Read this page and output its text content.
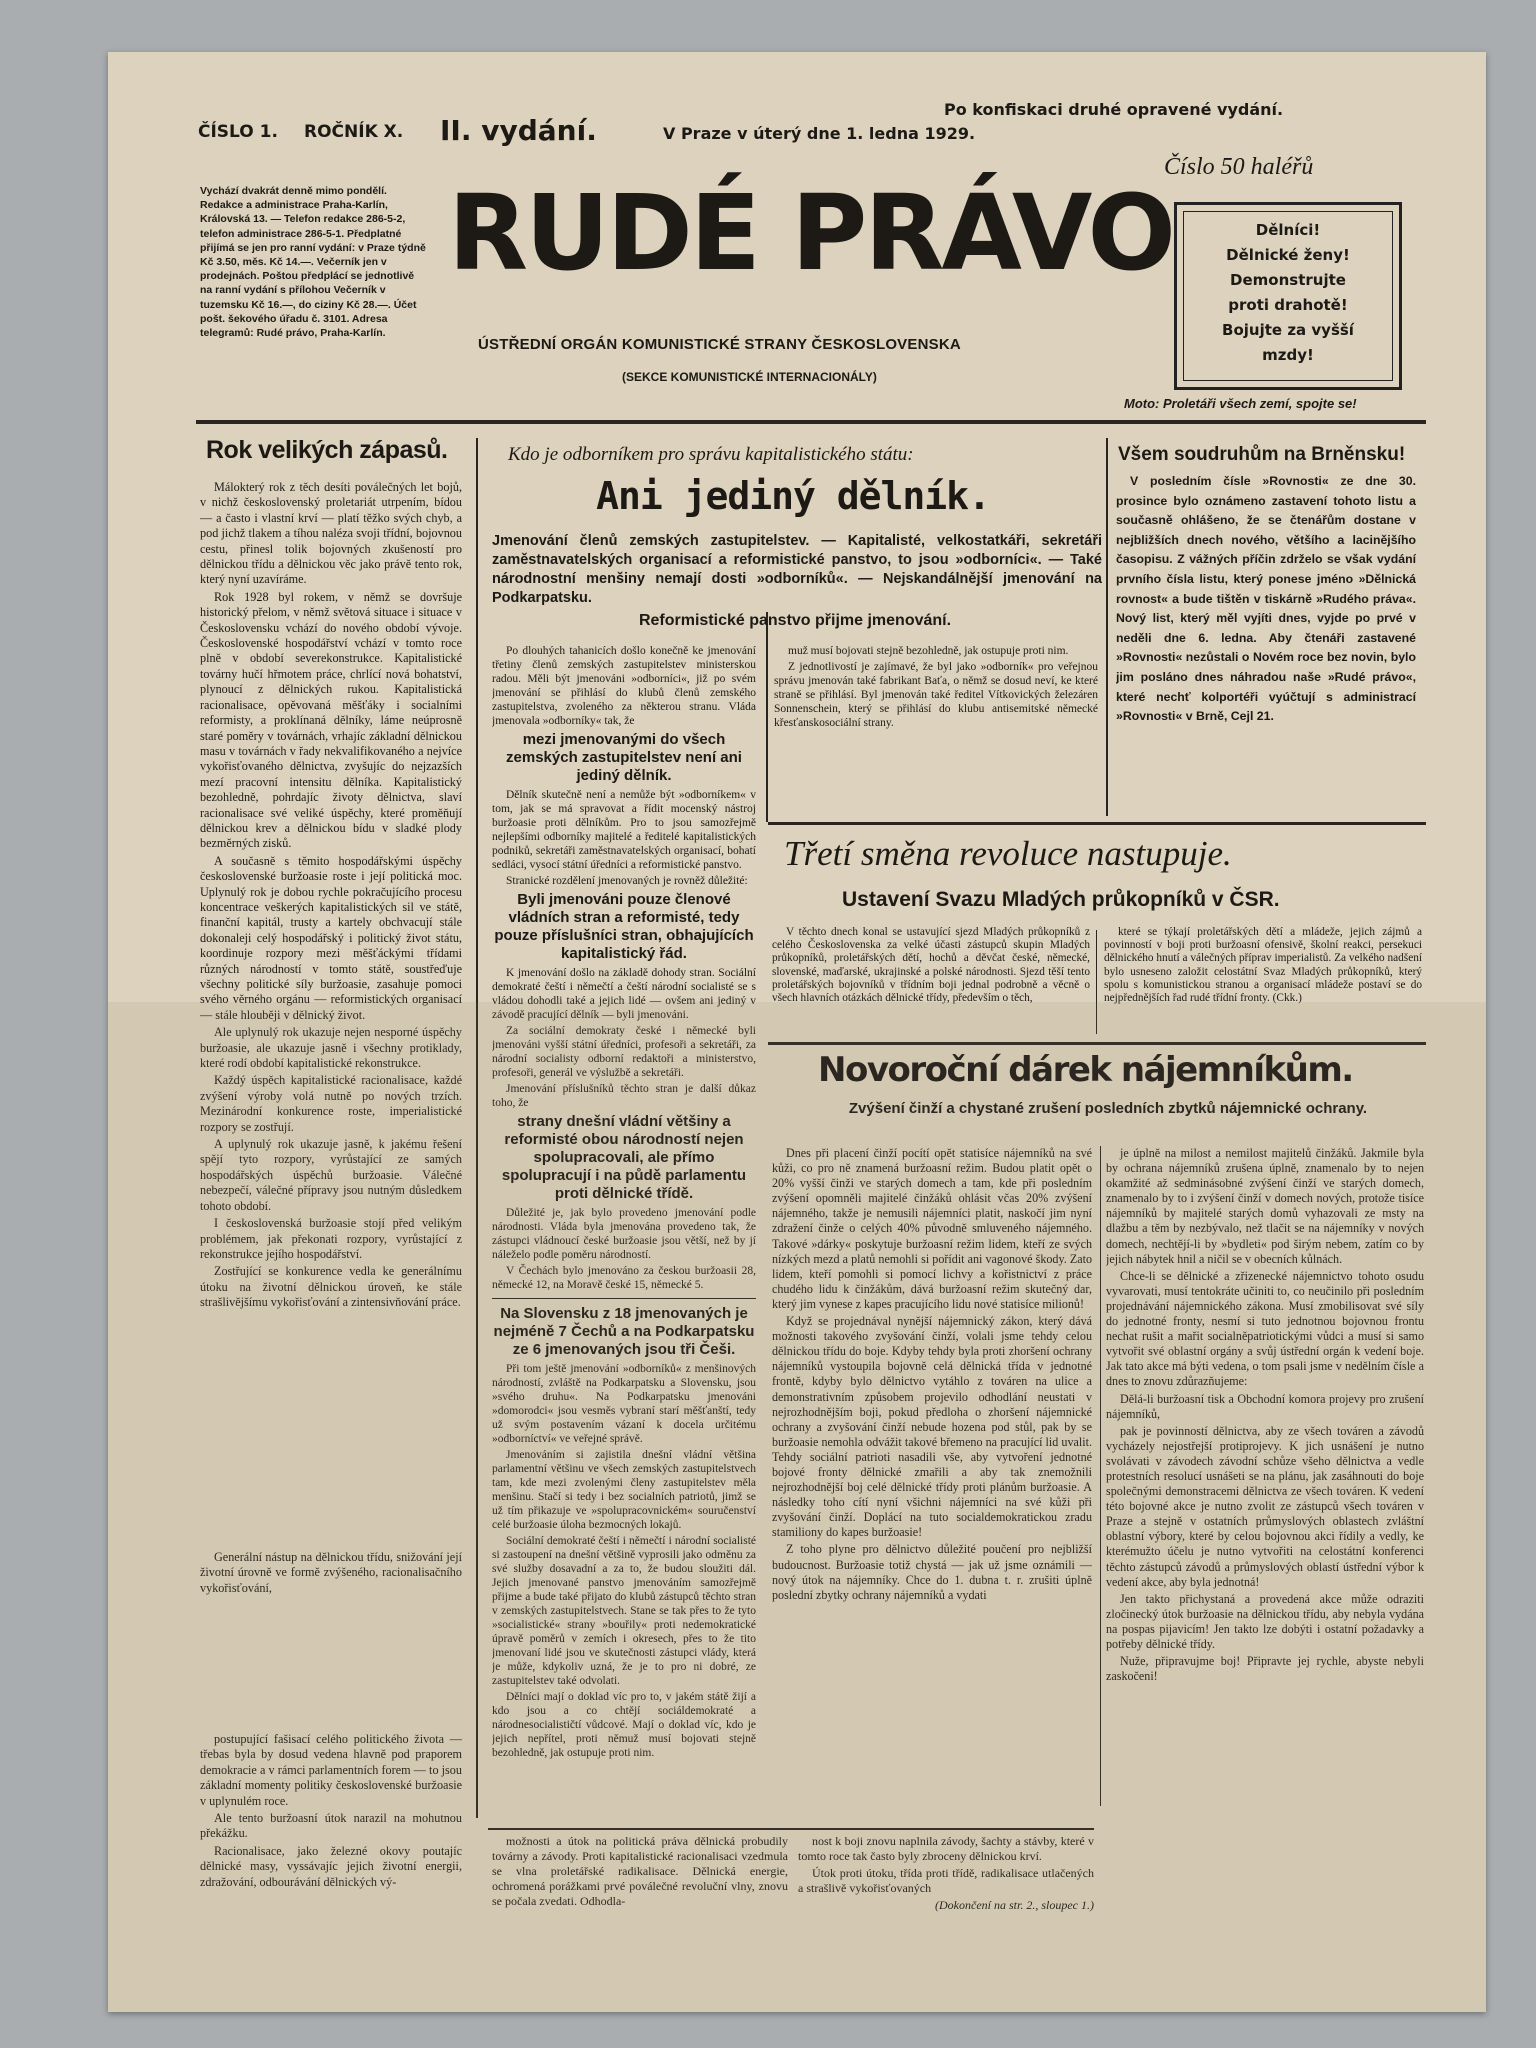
ČÍSLO 1. ROČNÍK X. II. vydání.	V Praze v úterý dne 1. ledna 1929.
Po konfiskaci druhé opravené vydání.
Číslo 50 haléřů
Vychází dvakrát denně mimo pondělí. Redakce a administrace Praha-Karlín, Královská 13. — Telefon redakce 286-5-2, telefon administrace 286-5-1. Předplatné přijímá se jen pro ranní vydání: v Praze týdně Kč 3.50, měs. Kč 14.—. Večerník jen v prodejnách. Poštou předplácí se jednotlivě na ranní vydání s přílohou Večerník v tuzemsku Kč 16.—, do ciziny Kč 28.—. Účet pošt. šekového úřadu č. 3101. Adresa telegramů: Rudé právo, Praha-Karlín.
RUDÉ PRÁVO
ÚSTŘEDNÍ ORGÁN KOMUNISTICKÉ STRANY ČESKOSLOVENSKA
(SEKCE KOMUNISTICKÉ INTERNACIONÁLY)
Dělníci!
Dělnické ženy!
Demonstrujte
proti drahotě!
Bojujte za vyšší
mzdy!
Moto: Proletáři všech zemí, spojte se!
Rok velikých zápasů.

Málokterý rok z těch desíti poválečných let bojů, v nichž československý proletariát utrpením, bídou — a často i vlastní krví — platí těžko svých chyb, a pod jichž tlakem a tíhou naléza svoji třídní, bojovnou cestu, přinesl tolik bojovných zkušeností pro dělnickou třídu a dělnickou věc jako právě tento rok, který nyní uzavíráme.

Rok 1928 byl rokem, v němž se dovršuje historický přelom, v němž světová situace i situace v Československu vchází do nového období vývoje. Československé hospodářství vchází v tomto roce plně v období severekonstrukce. Kapitalistické továrny hučí hřmotem práce, chrlící nová bohatství, plynoucí z dělnických rukou. Kapitalistická racionalisace, opěvovaná měšťáky i socialními reformisty, a proklínaná dělníky, láme neúprosně staré poměry v továrnách, vrhajíc základní dělnickou masu v továrnách v řady nekvalifikovaného a nejvíce vykořisťovaného dělnictva, zvyšujíc do nejzazších mezí pracovní intensitu dělníka. Kapitalistický bezohledně, pohrdajíc životy dělnictva, slaví racionalisace své veliké úspěchy, které proměňují dělnickou krev a dělnickou bídu v sladké plody bezměrných zisků.

A současně s těmito hospodářskými úspěchy československé buržoasie roste i její politická moc. Uplynulý rok je dobou rychle pokračujícího procesu koncentrace veškerých kapitalistických sil ve státě, finanční kapitál, trusty a kartely obchvacují stále dokonaleji celý hospodářský i politický život státu, koordinuje rozpory mezi měšťáckými třídami různých národností v tomto státě, soustřeďuje všechny politické síly buržoasie, zasahuje pomoci svého věrného orgánu — reformistických organisací — stále hlouběji v dělnický život.

Ale uplynulý rok ukazuje nejen nesporné úspěchy buržoasie, ale ukazuje jasně i všechny protiklady, které rodí období kapitalistické rekonstrukce.

Každý úspěch kapitalistické racionalisace, každé zvýšení výroby volá nutně po nových trzích. Mezinárodní konkurence roste, imperialistické rozpory se zostřují.

A uplynulý rok ukazuje jasně, k jakému řešení spějí tyto rozpory, vyrůstající ze samých hospodářských úspěchů buržoasie. Válečné nebezpečí, válečné přípravy jsou nutným důsledkem tohoto období.

I československá buržoasie stojí před velikým problémem, jak překonati rozpory, vyrůstající z rekonstrukce jejího hospodářství.

Zostřující se konkurence vedla ke generálnímu útoku na životní dělnickou úroveň, ke stále strašlivějšímu vykořisťování a zintensivňování práce.

Generální nástup na dělnickou třídu, snižování její životní úrovně ve formě zvýšeného, racionalisačního vykořisťování,

postupující fašisací celého politického života — třebas byla by dosud vedena hlavně pod praporem demokracie a v rámci parlamentních forem — to jsou základní momenty politiky československé buržoasie v uplynulém roce.

Ale tento buržoasní útok narazil na mohutnou překážku.

Racionalisace, jako železné okovy poutajíc dělnické masy, vyssávajíc jejich životní energii, zdražování, odbourávání dělnických vý-

Kdo je odborníkem pro správu kapitalistického státu:
Ani jediný dělník.
Jmenování členů zemských zastupitelstev. — Kapitalisté, velkostatkáři, sekretáři zaměstnavatelských organisací a reformistické panstvo, to jsou »odborníci«. — Také národnostní menšiny nemají dosti »odborníků«. — Nejskandálnější jmenování na Podkarpatsku.
Reformistické panstvo přijme jmenování.

Po dlouhých tahanicích došlo konečně ke jmenování třetiny členů zemských zastupitelstev ministerskou radou. Měli být jmenováni »odborníci«, již po svém jmenování se přihlásí do klubů členů zemského zastupitelstva, zvoleného za některou stranu. Vláda jmenovala »odborníky« tak, že

mezi jmenovanými do všech zemských zastupitelstev není ani jediný dělník.

Dělník skutečně není a nemůže být »odborníkem« v tom, jak se má spravovat a řídit mocenský nástroj buržoasie proti dělníkům. Pro to jsou samozřejmě nejlepšími odborníky majitelé a ředitelé kapitalistických podniků, sekretáři zaměstnavatelských organisací, bohatí sedláci, vysocí státní úředníci a reformistické panstvo.

Stranické rozdělení jmenovaných je rovněž důležité:

Byli jmenováni pouze členové vládních stran a reformisté, tedy pouze příslušníci stran, obhajujících kapitalistický řád.

K jmenování došlo na základě dohody stran. Sociální demokraté čeští i němečtí a čeští národní socialisté se s vládou dohodli také a jejich lidé — ovšem ani jediný v závodě pracující dělník — byli jmenováni.

Za sociální demokraty české i německé byli jmenováni vyšší státní úředníci, profesoři a sekretáři, za národní socialisty odborní redaktoři a ministerstvo, profesoři, generál ve výslužbě a sekretáři.

Jmenování příslušníků těchto stran je další důkaz toho, že

strany dnešní vládní většiny a reformisté obou národností nejen spolupracovali, ale přímo spolupracují i na půdě parlamentu proti dělnické třídě.

Důležité je, jak bylo provedeno jmenování podle národnosti. Vláda byla jmenována provedeno tak, že zástupci vládnoucí české buržoasie jsou větší, než by jí náleželo podle poměru národností.

V Čechách bylo jmenováno za českou buržoasii 28, německé 12, na Moravě české 15, německé 5.

Na Slovensku z 18 jmenovaných je nejméně 7 Čechů a na Podkarpatsku ze 6 jmenovaných jsou tři Češi.

Při tom ještě jmenování »odborníků« z menšinových národností, zvláště na Podkarpatsku a Slovensku, jsou »svého druhu«. Na Podkarpatsku jmenováni »domorodci« jsou vesměs vybraní starí měšťanští, tedy už svým postavením vázaní k docela určitému »odborníctví« ve veřejné správě.

Jmenováním si zajistila dnešní vládní většina parlamentní většinu ve všech zemských zastupitelstvech tam, kde mezi zvolenými členy zastupitelstev měla menšinu. Stačí si tedy i bez socialních patriotů, jimž se už tím přikazuje ve »spolupracovnickém« souručenství celé buržoasie úloha bezmocných lokajů.

Sociální demokraté čeští i němečtí i národní socialisté si zastoupení na dnešní většině vyprosili jako odměnu za své služby dosavadní a za to, že budou sloužiti dál. Jejich jmenované panstvo jmenováním samozřejmě přijme a bude také přijato do klubů zástupců těchto stran v zemských zastupitelstvech. Stane se tak přes to že tyto »socialistické« strany »bouřily« proti nedemokratické úpravě poměrů v zemích i okresech, přes to že tito jmenovaní lidé jsou ve skutečnosti zástupci vlády, která je může, kdykoliv uzná, že je to pro ni dobré, ze zastupitelstev také odvolati.

Dělníci mají o doklad víc pro to, v jakém státě žijí a kdo jsou a co chtějí sociáldemokraté a národnesocialističtí vůdcové. Mají o doklad víc, kdo je jejich nepřítel, proti němuž musí bojovati stejně bezohledně, jak ostupuje proti nim.

muž musí bojovati stejně bezohledně, jak ostupuje proti nim.

Z jednotlivostí je zajímavé, že byl jako »odborník« pro veřejnou správu jmenován také fabrikant Baťa, o němž se dosud neví, ke které straně se přihlásí. Byl jmenován také ředitel Vítkovických železáren Sonnenschein, který se přihlásí do klubu antisemitské německé křesťanskosociální strany.

Všem soudruhům na Brněnsku!

V posledním čísle »Rovnosti« ze dne 30. prosince bylo oznámeno zastavení tohoto listu a současně ohlášeno, že se čtenářům dostane v nejbližších dnech nového, většího a lacinějšího časopisu. Z vážných příčin zdrželo se však vydání prvního čísla listu, který ponese jméno »Dělnická rovnost« a bude tištěn v tiskárně »Rudého práva«. Nový list, který měl vyjíti dnes, vyjde po prvé v neděli dne 6. ledna. Aby čtenáři zastavené »Rovnosti« nezůstali o Novém roce bez novin, bylo jim posláno dnes náhradou naše »Rudé právo«, které nechť kolportéři vyúčtují s administrací »Rovnosti« v Brně, Cejl 21.

Třetí směna revoluce nastupuje.
Ustavení Svazu Mladých průkopníků v ČSR.

V těchto dnech konal se ustavující sjezd Mladých průkopníků z celého Československa za velké účasti zástupců skupin Mladých průkopníků, proletářských dětí, hochů a děvčat české, německé, slovenské, maďarské, ukrajinské a polské národnosti. Sjezd těší tento proletářských bojovníků v třídním boji jednal podrobně a věcně o všech hlavních otázkách dělnické třídy, především o těch,

které se týkají proletářských dětí a mládeže, jejich zájmů a povinností v boji proti buržoasní ofensivě, školní reakci, persekuci dělnického hnutí a válečných příprav imperialistů. Za velkého nadšení bylo usneseno založit celostátní Svaz Mladých průkopníků, který spolu s komunistickou stranou a organisací mládeže postaví se do nejpřednějších řad rudé třídní fronty. (Ckk.)

Novoroční dárek nájemníkům.
Zvýšení činží a chystané zrušení posledních zbytků nájemnické ochrany.

Dnes při placení činží pocítí opět statisíce nájemníků na své kůži, co pro ně znamená buržoasní režim. Budou platit opět o 20% vyšší činži ve starých domech a tam, kde při posledním zvýšení opomněli majitelé činžáků ohlásit včas 20% zvýšení nájemného, takže je nemusili nájemníci platit, naskočí jim nyní zdražení činže o celých 40% původně smluveného nájemného. Takové »dárky« poskytuje buržoasní režim lidem, kteří ze svých nízkých mezd a platů nemohli si pořídit ani vagonové škody. Zato lidem, kteří pomohli si pomocí lichvy a kořistnictví z práce chudého lidu k činžákům, dává buržoasní režim skutečný dar, který jim vynese z kapes pracujícího lidu nové statisíce milionů!

Když se projednával nynější nájemnický zákon, který dává možnosti takového zvyšování činží, volali jsme tehdy celou dělnickou třídu do boje. Kdyby tehdy byla proti zhoršení ochrany nájemníků vystoupila bojovně celá dělnická třída v jednotné frontě, kdyby bylo dělnictvo vytáhlo z továren na ulice a demonstrativním způsobem projevilo odhodlání neustati v nejrozhodnějším boji, pokud předloha o zhoršení nájemnické ochrany a zvyšování činží nebude hozena pod stůl, pak by se buržoasie nemohla odvážit takové břemeno na pracující lid uvalit. Tehdy sociální patrioti nasadili vše, aby vytvoření jednotné bojové fronty dělnické zmařili a aby tak znemožnili nejrozhodnější boj celé dělnické třídy proti plánům buržoasie. A následky toho cítí nyní všichni nájemníci na své kůži při zvyšování činží. Doplácí na tuto socialdemokratickou zradu stamiliony do kapes buržoasie!

Z toho plyne pro dělnictvo důležité poučení pro nejbližší budoucnost. Buržoasie totiž chystá — jak už jsme oznámili — nový útok na nájemníky. Chce do 1. dubna t. r. zrušiti úplně poslední zbytky ochrany nájemníků a vydati

je úplně na milost a nemilost majitelů činžáků. Jakmile byla by ochrana nájemníků zrušena úplně, znamenalo by to nejen okamžité až sedminásobné zvýšení činží ve starých domech, znamenalo by to i zvýšení činží v domech nových, protože tisíce nájemníků by majitelé starých domů vyhazovali ze msty na dlažbu a těm by nezbývalo, než tlačit se na nájemníky v nových domech, nechtějí-li by »bydleti« pod širým nebem, zatím co by jejich nábytek hnil a ničil se v obecních kůlnách.

Chce-li se dělnické a zřizenecké nájemnictvo tohoto osudu vyvarovati, musí tentokráte učiniti to, co neučinilo při posledním projednávání nájemnického zákona. Musí zmobilisovat své síly do jednotné fronty, nesmí si tuto jednotnou bojovnou frontu nechat rušit a mařit socialněpatriotickými vůdci a musí si samo vytvořit své oblastní orgány a svůj ústřední orgán k vedení boje. Jak tato akce má býti vedena, o tom psali jsme v nedělním čísle a dnes to znovu zdůrazňujeme:

Dělá-li buržoasní tisk a Obchodní komora projevy pro zrušení nájemníků,

pak je povinností dělnictva, aby ze všech továren a závodů vycházely nejostřejší protiprojevy. K jich usnášení je nutno svolávati v závodech závodní schůze všeho dělnictva a vedle protestních resolucí usnášeti se na plánu, jak zasáhnouti do boje společnými demonstracemi dělnictva ze všech továren. K vedení této bojovné akce je nutno zvolit ze zástupců všech továren v Praze a stejně v ostatních průmyslových oblastech zvláštní oblastní výbory, které by celou bojovnou akci řídily a vedly, ke kterémužto účelu je nutno vytvořiti na celostátní konferenci těchto zástupců závodů a průmyslových oblastí ústřední výbor k vedení akce, aby byla jednotná!

Jen takto přichystaná a provedená akce může odraziti zločinecký útok buržoasie na dělnickou třídu, aby nebyla vydána na pospas pijavicím! Jen takto lze dobýti i ostatní požadavky a potřeby dělnické třídy.

Nuže, připravujme boj! Připravte jej rychle, abyste nebyli zaskočeni!

možnosti a útok na politická práva dělnická probudily továrny a závody. Proti kapitalistické racionalisaci vzedmula se vlna proletářské radikalisace. Dělnická energie, ochromená porážkami prvé poválečné revoluční vlny, znovu se počala zvedati. Odhodla-

nost k boji znovu naplnila závody, šachty a stávby, které v tomto roce tak často byly zbroceny dělnickou krví.

Útok proti útoku, třída proti třídě, radikalisace utlačených a strašlivě vykořisťovaných

(Dokončení na str. 2., sloupec 1.)
